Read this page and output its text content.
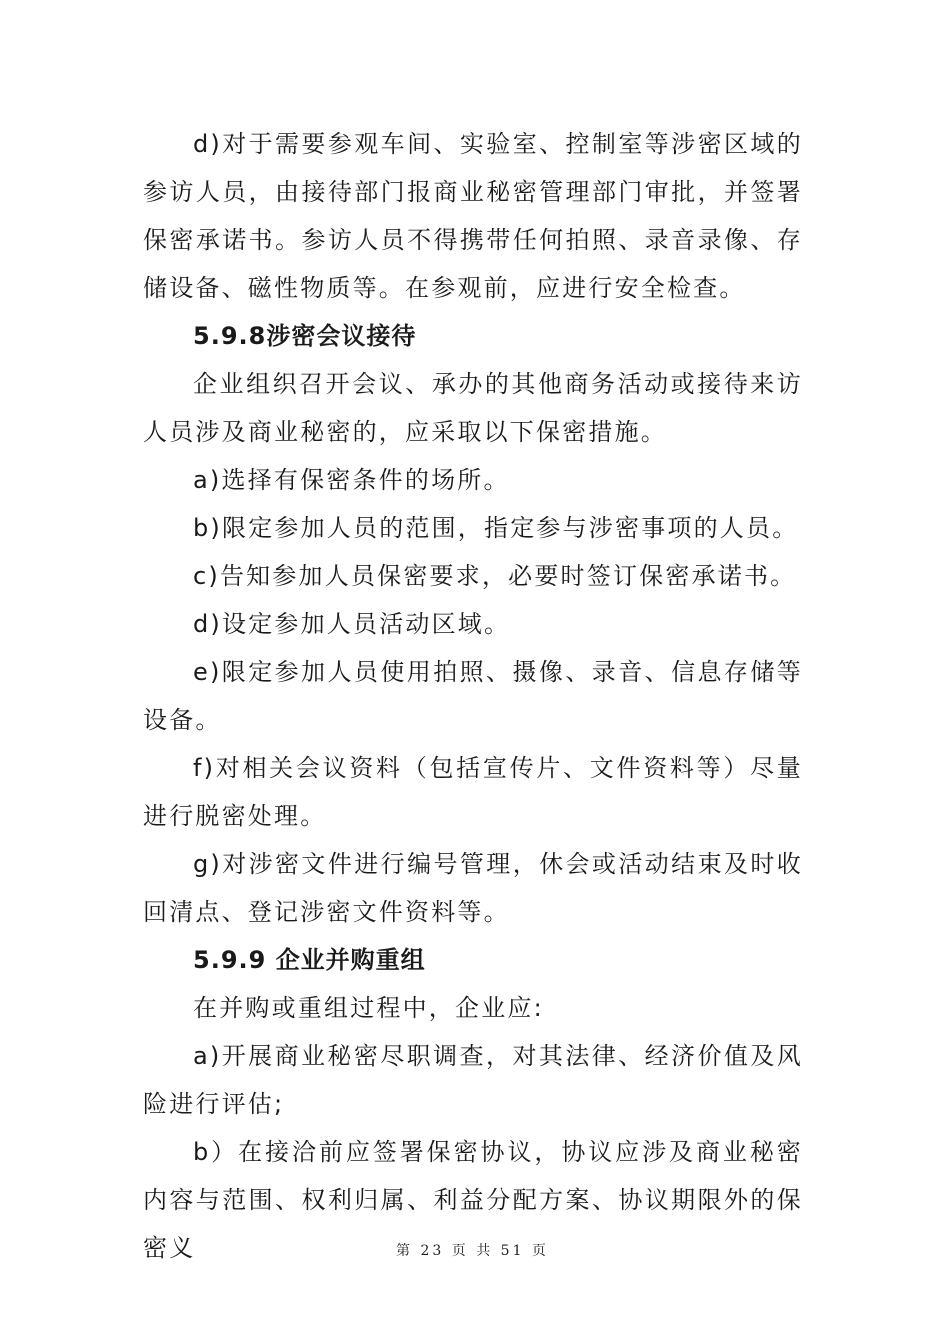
d)对于需要参观车间、实验室、控制室等涉密区域的参访人员，由接待部门报商业秘密管理部门审批，并签署保密承诺书。参访人员不得携带任何拍照、录音录像、存储设备、磁性物质等。在参观前，应进行安全检查。

5.9.8涉密会议接待

企业组织召开会议、承办的其他商务活动或接待来访人员涉及商业秘密的，应采取以下保密措施。

a)选择有保密条件的场所。

b)限定参加人员的范围，指定参与涉密事项的人员。

c)告知参加人员保密要求，必要时签订保密承诺书。

d)设定参加人员活动区域。

e)限定参加人员使用拍照、摄像、录音、信息存储等设备。

f)对相关会议资料（包括宣传片、文件资料等）尽量进行脱密处理。

g)对涉密文件进行编号管理，休会或活动结束及时收回清点、登记涉密文件资料等。

5.9.9 企业并购重组

在并购或重组过程中，企业应:

a)开展商业秘密尽职调查，对其法律、经济价值及风险进行评估;

b）在接洽前应签署保密协议，协议应涉及商业秘密内容与范围、权利归属、利益分配方案、协议期限外的保密义	第 23 页 共 51 页
